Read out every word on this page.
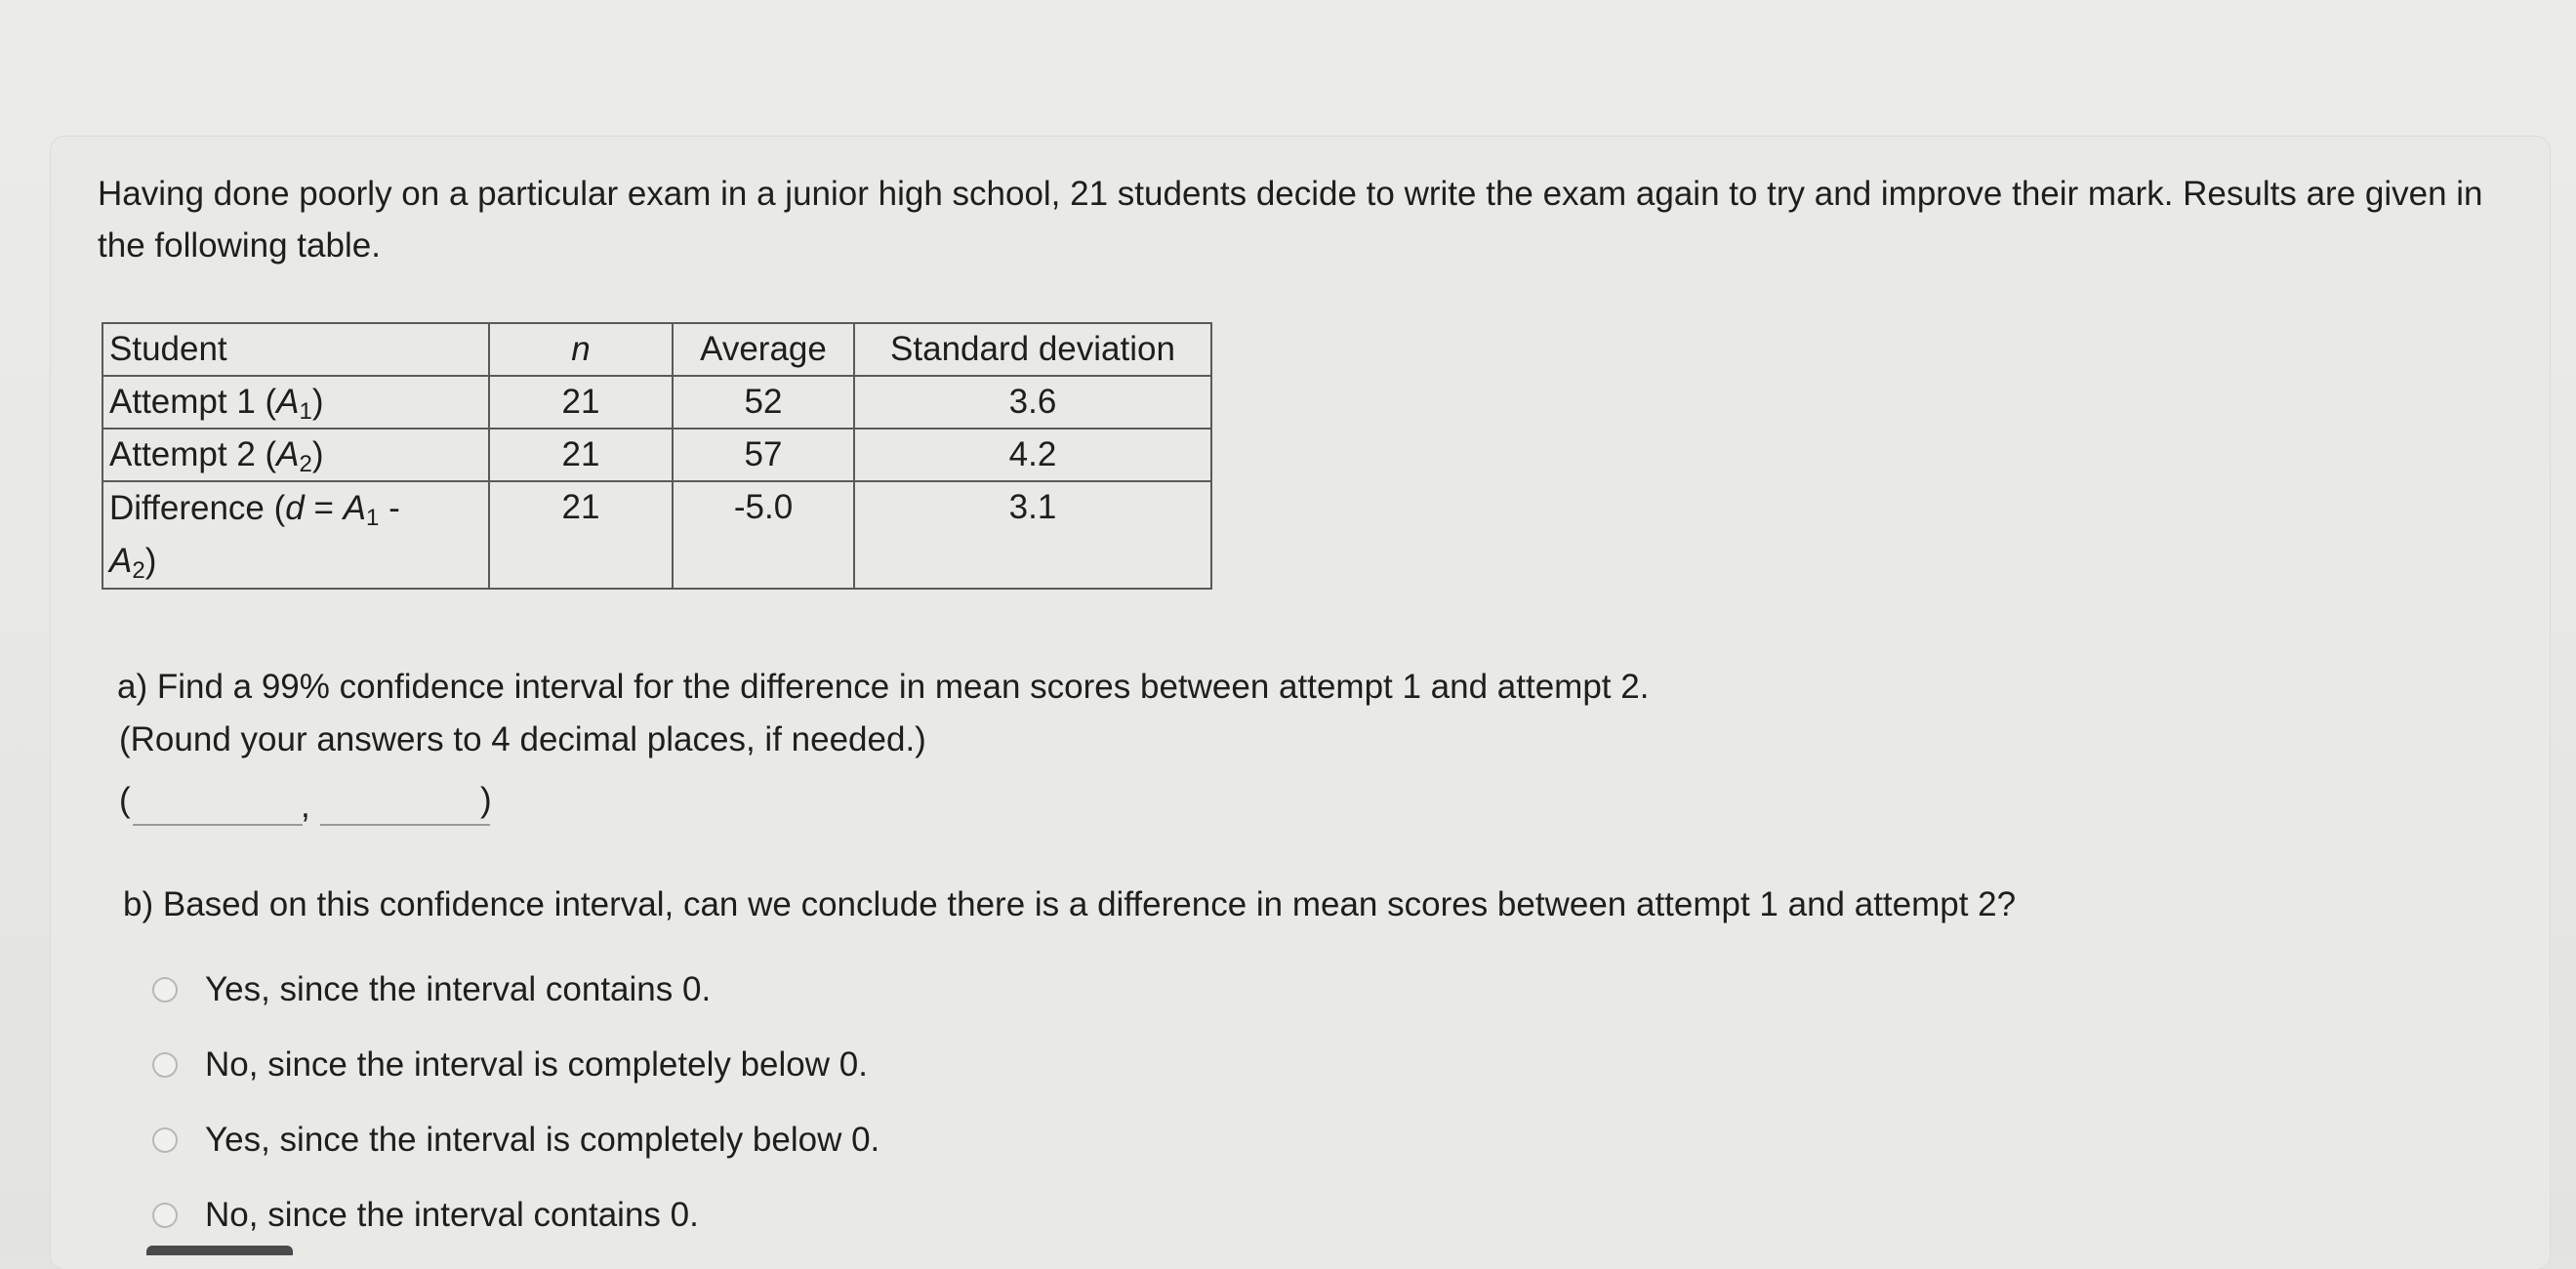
Having done poorly on a particular exam in a junior high school, 21 students decide to write the exam again to try and improve their mark. Results are given in the following table.

Student	n	Average	Standard deviation
Attempt 1 $(A_1)$	21	52	3.6
Attempt 2 $(A_2)$	21	57	4.2
Difference ($d = A_1$ -
$A_2$)	21	-5.0	3.1

a) Find a 99% confidence interval for the difference in mean scores between attempt 1 and attempt 2.

(Round your answers to 4 decimal places, if needed.)
(	,	)

b) Based on this confidence interval, can we conclude there is a difference in mean scores between attempt 1 and attempt 2?

Yes, since the interval contains 0.
No, since the interval is completely below 0.
Yes, since the interval is completely below 0.
No, since the interval contains 0.
